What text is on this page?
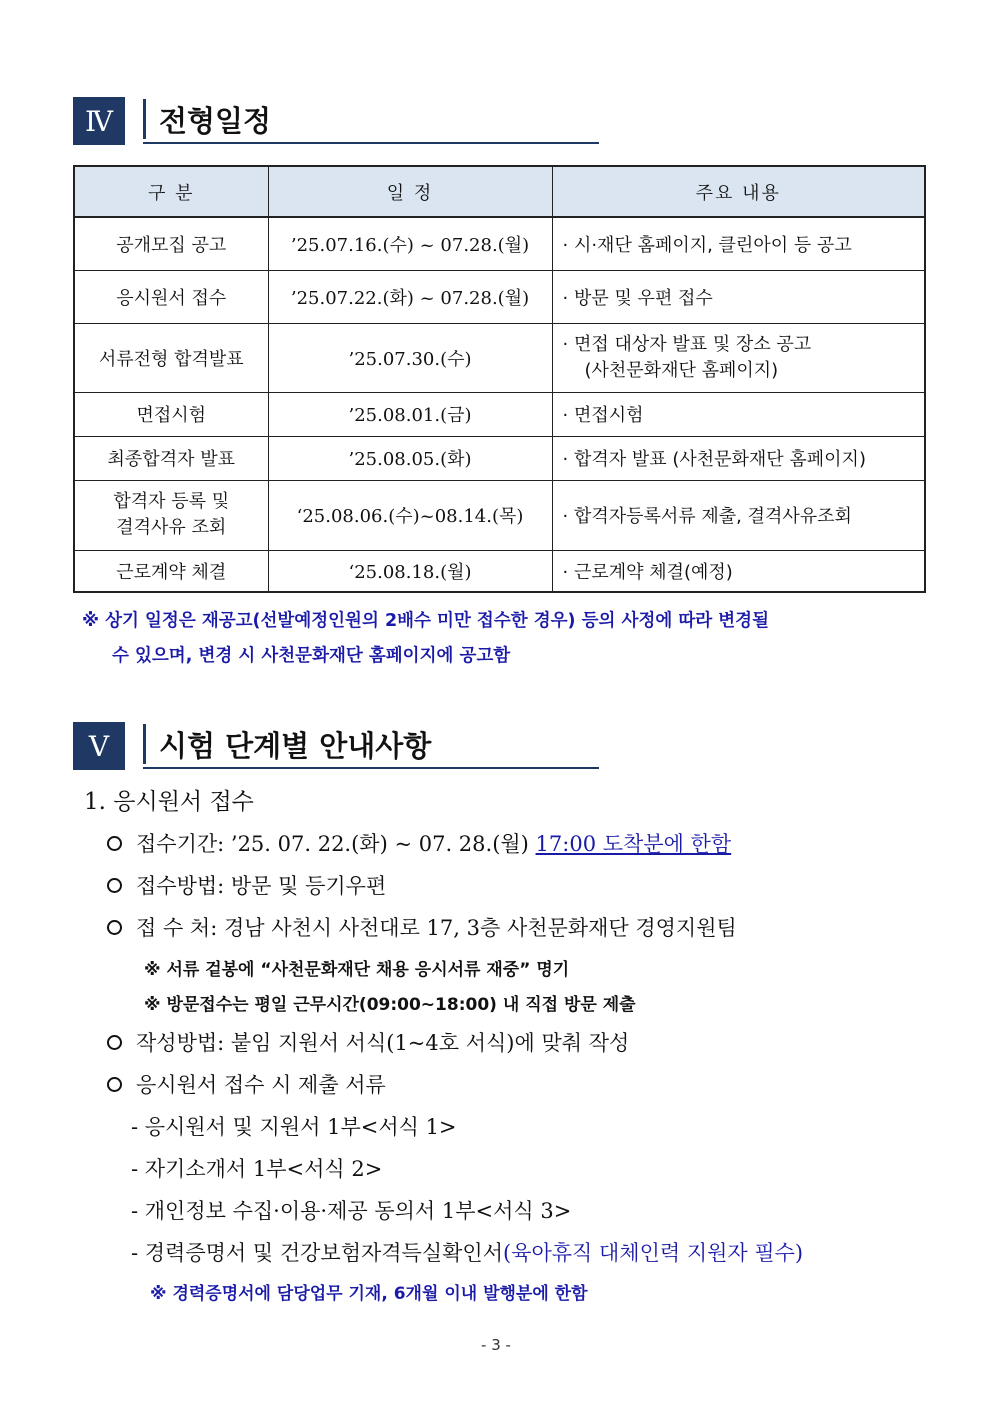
Ⅳ	전형일정
구 분	일 정	주요 내용
공개모집 공고	’25.07.16.(수) ~ 07.28.(월)	· 시·재단 홈페이지, 클린아이 등 공고
응시원서 접수	’25.07.22.(화) ~ 07.28.(월)	· 방문 및 우편 접수
서류전형 합격발표	’25.07.30.(수)	· 면접 대상자 발표 및 장소 공고
(사천문화재단 홈페이지)

면접시험	’25.08.01.(금)	· 면접시험
최종합격자 발표	’25.08.05.(화)	· 합격자 발표 (사천문화재단 홈페이지)

합격자 등록 및
결격사유 조회	‘25.08.06.(수)~08.14.(목)	· 합격자등록서류 제출, 결격사유조회
근로계약 체결	‘25.08.18.(월)	· 근로계약 체결(예정)
※ 상기 일정은 재공고(선발예정인원의 2배수 미만 접수한 경우) 등의 사정에 따라 변경될
수 있으며, 변경 시 사천문화재단 홈페이지에 공고함
Ⅴ	시험 단계별 안내사항
1. 응시원서 접수
접수기간: ’25. 07. 22.(화) ~ 07. 28.(월) 17:00 도착분에 한함
접수방법: 방문 및 등기우편
접 수 처: 경남 사천시 사천대로 17, 3층 사천문화재단 경영지원팀
※ 서류 겉봉에 “사천문화재단 채용 응시서류 재중” 명기
※ 방문접수는 평일 근무시간(09:00~18:00) 내 직접 방문 제출
작성방법: 붙임 지원서 서식(1~4호 서식)에 맞춰 작성
응시원서 접수 시 제출 서류
- 응시원서 및 지원서 1부<서식 1>
- 자기소개서 1부<서식 2>
- 개인정보 수집·이용·제공 동의서 1부<서식 3>
- 경력증명서 및 건강보험자격득실확인서(육아휴직 대체인력 지원자 필수)
※ 경력증명서에 담당업무 기재, 6개월 이내 발행분에 한함
- 3 -
